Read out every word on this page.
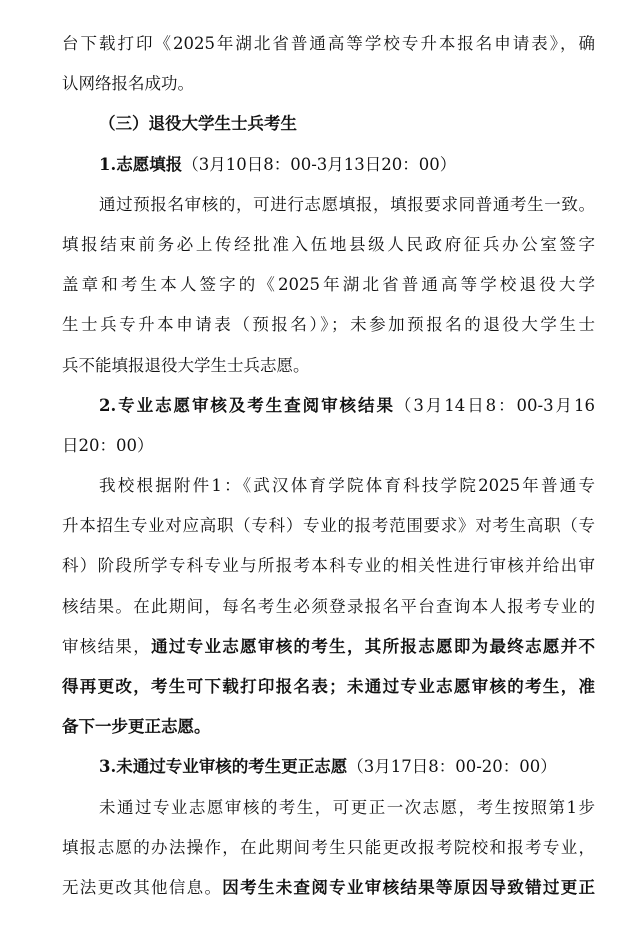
台下载打印《2025年湖北省普通高等学校专升本报名申请表》，确
认网络报名成功。
（三）退役大学生士兵考生
1.志愿填报（3月10日8：00-3月13日20：00）
通过预报名审核的，可进行志愿填报，填报要求同普通考生一致。
填报结束前务必上传经批准入伍地县级人民政府征兵办公室签字
盖章和考生本人签字的《2025年湖北省普通高等学校退役大学
生士兵专升本申请表（预报名）》；未参加预报名的退役大学生士
兵不能填报退役大学生士兵志愿。
2.专业志愿审核及考生查阅审核结果（3月14日8：00-3月16
日20：00）
我校根据附件1：《武汉体育学院体育科技学院2025年普通专
升本招生专业对应高职（专科）专业的报考范围要求》对考生高职（专
科）阶段所学专科专业与所报考本科专业的相关性进行审核并给出审
核结果。在此期间，每名考生必须登录报名平台查询本人报考专业的
审核结果，通过专业志愿审核的考生，其所报志愿即为最终志愿并不
得再更改，考生可下载打印报名表；未通过专业志愿审核的考生，准
备下一步更正志愿。
3.未通过专业审核的考生更正志愿（3月17日8：00-20：00）
未通过专业志愿审核的考生，可更正一次志愿，考生按照第1步
填报志愿的办法操作，在此期间考生只能更改报考院校和报考专业，
无法更改其他信息。因考生未查阅专业审核结果等原因导致错过更正
